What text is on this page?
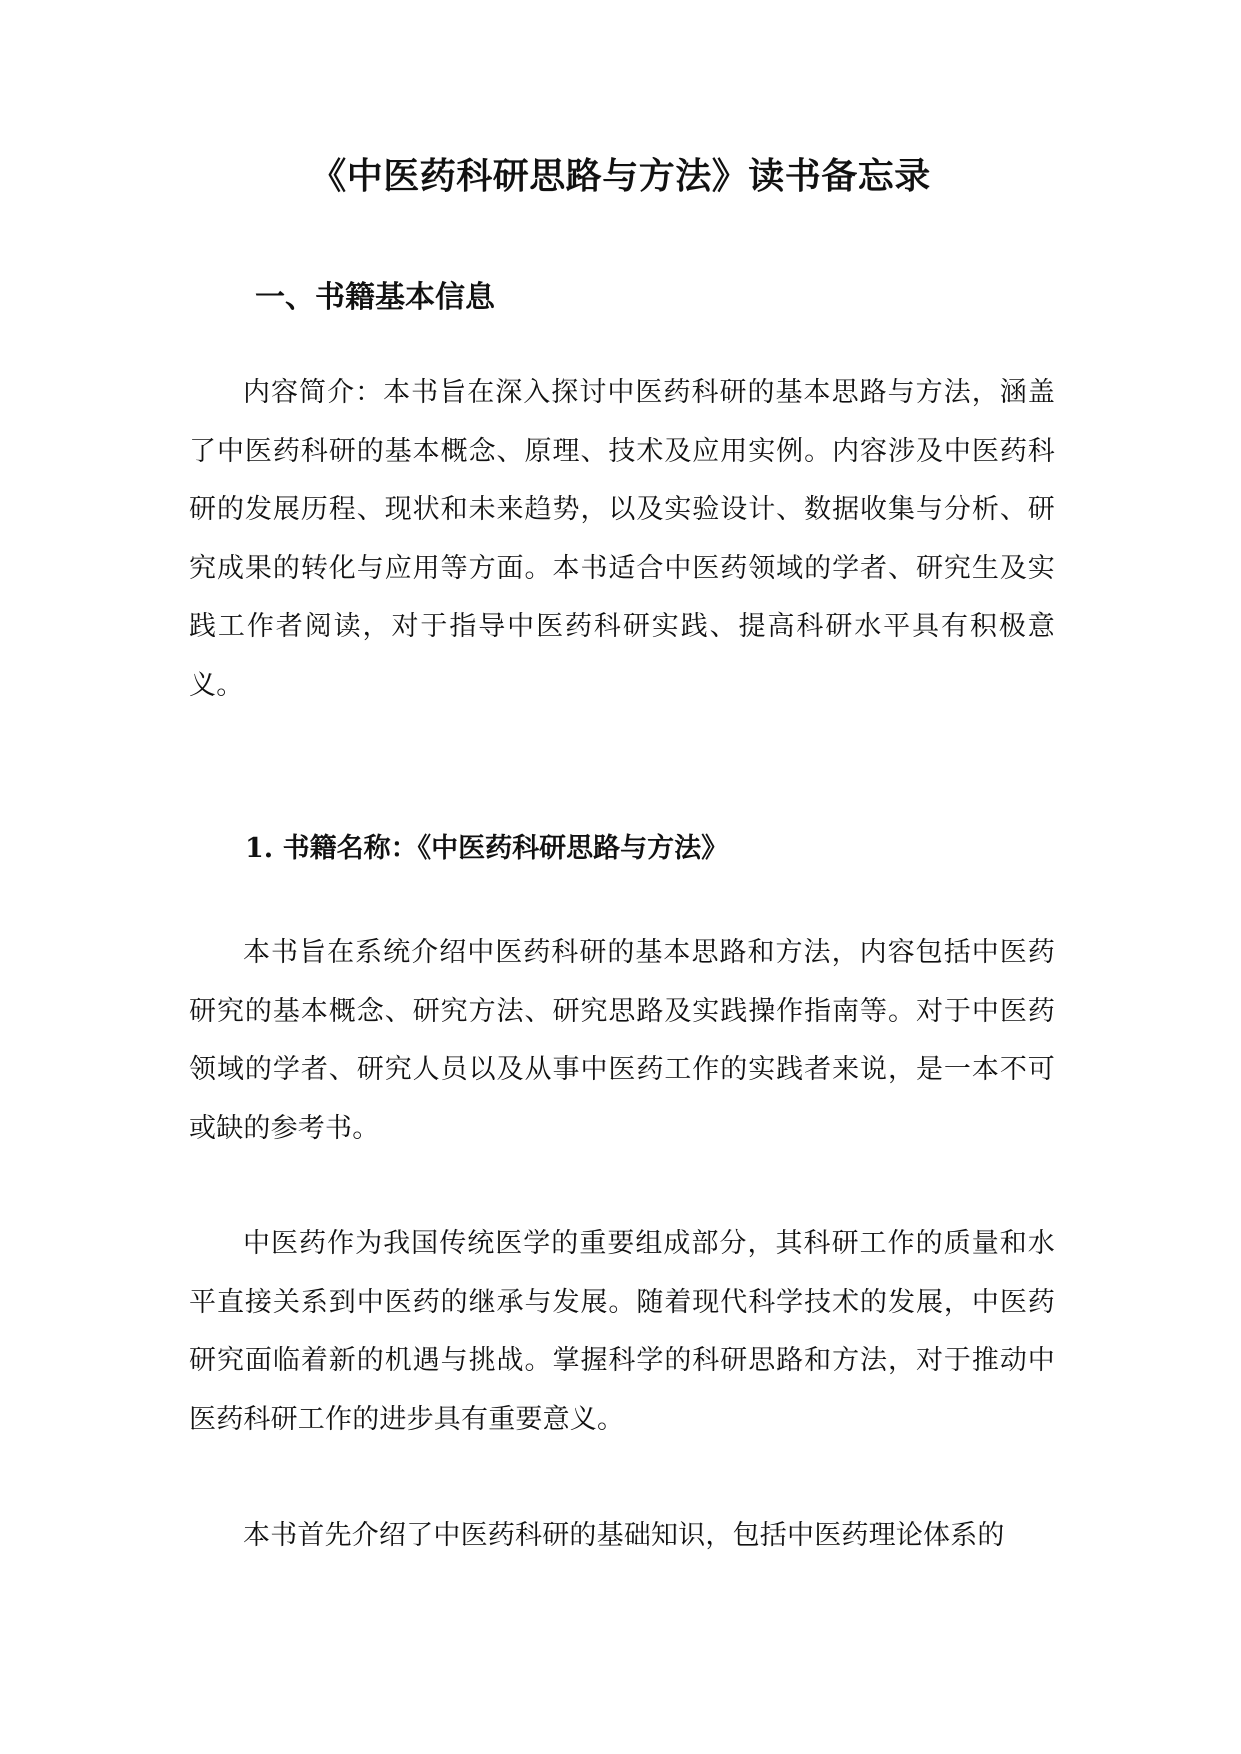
《中医药科研思路与方法》读书备忘录
一、书籍基本信息

内容简介：本书旨在深入探讨中医药科研的基本思路与方法，涵盖了中医药科研的基本概念、原理、技术及应用实例。内容涉及中医药科研的发展历程、现状和未来趋势，以及实验设计、数据收集与分析、研究成果的转化与应用等方面。本书适合中医药领域的学者、研究生及实践工作者阅读，对于指导中医药科研实践、提高科研水平具有积极意义。

1. 书籍名称：《中医药科研思路与方法》

本书旨在系统介绍中医药科研的基本思路和方法，内容包括中医药研究的基本概念、研究方法、研究思路及实践操作指南等。对于中医药领域的学者、研究人员以及从事中医药工作的实践者来说，是一本不可或缺的参考书。

中医药作为我国传统医学的重要组成部分，其科研工作的质量和水平直接关系到中医药的继承与发展。随着现代科学技术的发展，中医药研究面临着新的机遇与挑战。掌握科学的科研思路和方法，对于推动中医药科研工作的进步具有重要意义。

本书首先介绍了中医药科研的基础知识，包括中医药理论体系的
